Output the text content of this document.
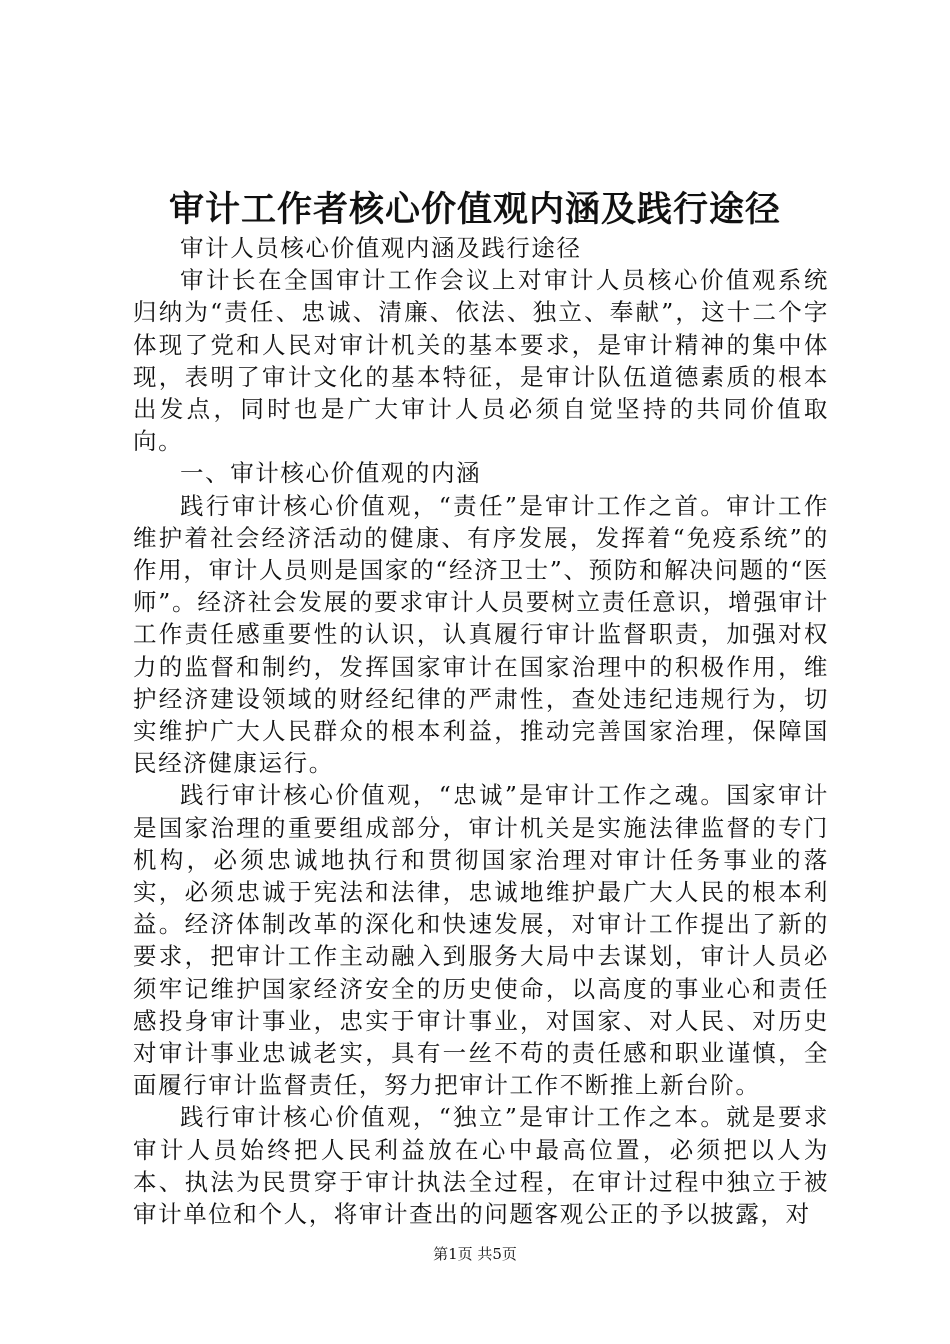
审计工作者核心价值观内涵及践行途径

审计人员核心价值观内涵及践行途径

审计长在全国审计工作会议上对审计人员核心价值观系统归纳为“责任、忠诚、清廉、依法、独立、奉献”，这十二个字体现了党和人民对审计机关的基本要求，是审计精神的集中体现，表明了审计文化的基本特征，是审计队伍道德素质的根本出发点，同时也是广大审计人员必须自觉坚持的共同价值取向。

一、审计核心价值观的内涵

践行审计核心价值观，“责任”是审计工作之首。审计工作维护着社会经济活动的健康、有序发展，发挥着“免疫系统”的作用，审计人员则是国家的“经济卫士”、预防和解决问题的“医师”。经济社会发展的要求审计人员要树立责任意识，增强审计工作责任感重要性的认识，认真履行审计监督职责，加强对权力的监督和制约，发挥国家审计在国家治理中的积极作用，维护经济建设领域的财经纪律的严肃性，查处违纪违规行为，切实维护广大人民群众的根本利益，推动完善国家治理，保障国民经济健康运行。

践行审计核心价值观，“忠诚”是审计工作之魂。国家审计是国家治理的重要组成部分，审计机关是实施法律监督的专门机构，必须忠诚地执行和贯彻国家治理对审计任务事业的落实，必须忠诚于宪法和法律，忠诚地维护最广大人民的根本利益。经济体制改革的深化和快速发展，对审计工作提出了新的要求，把审计工作主动融入到服务大局中去谋划，审计人员必须牢记维护国家经济安全的历史使命，以高度的事业心和责任感投身审计事业，忠实于审计事业，对国家、对人民、对历史对审计事业忠诚老实，具有一丝不苟的责任感和职业谨慎，全面履行审计监督责任，努力把审计工作不断推上新台阶。

践行审计核心价值观，“独立”是审计工作之本。就是要求审计人员始终把人民利益放在心中最高位置，必须把以人为本、执法为民贯穿于审计执法全过程，在审计过程中独立于被审计单位和个人，将审计查出的问题客观公正的予以披露，对

第1页 共5页
